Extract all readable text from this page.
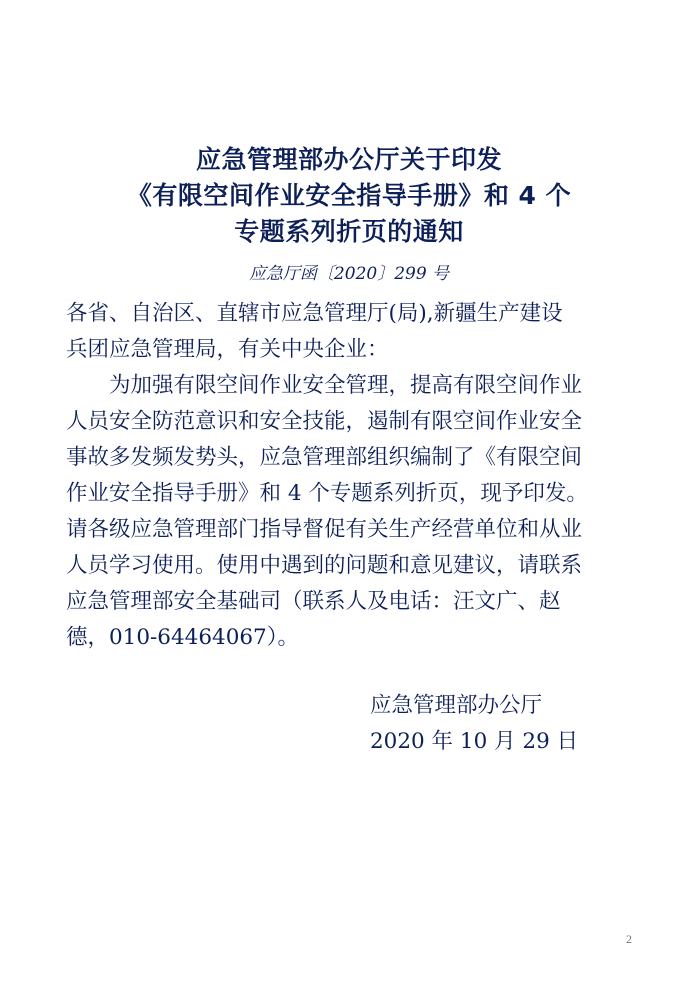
应急管理部办公厅关于印发
《有限空间作业安全指导手册》和 4 个
专题系列折页的通知
应急厅函〔2020〕299 号
各省、自治区、直辖市应急管理厅(局),新疆生产建设
兵团应急管理局，有关中央企业：
为加强有限空间作业安全管理，提高有限空间作业
人员安全防范意识和安全技能，遏制有限空间作业安全
事故多发频发势头，应急管理部组织编制了《有限空间
作业安全指导手册》和 4 个专题系列折页，现予印发。
请各级应急管理部门指导督促有关生产经营单位和从业
人员学习使用。使用中遇到的问题和意见建议，请联系
应急管理部安全基础司（联系人及电话：汪文广、赵
德，010-64464067）。
应急管理部办公厅
2020 年 10 月 29 日
2
